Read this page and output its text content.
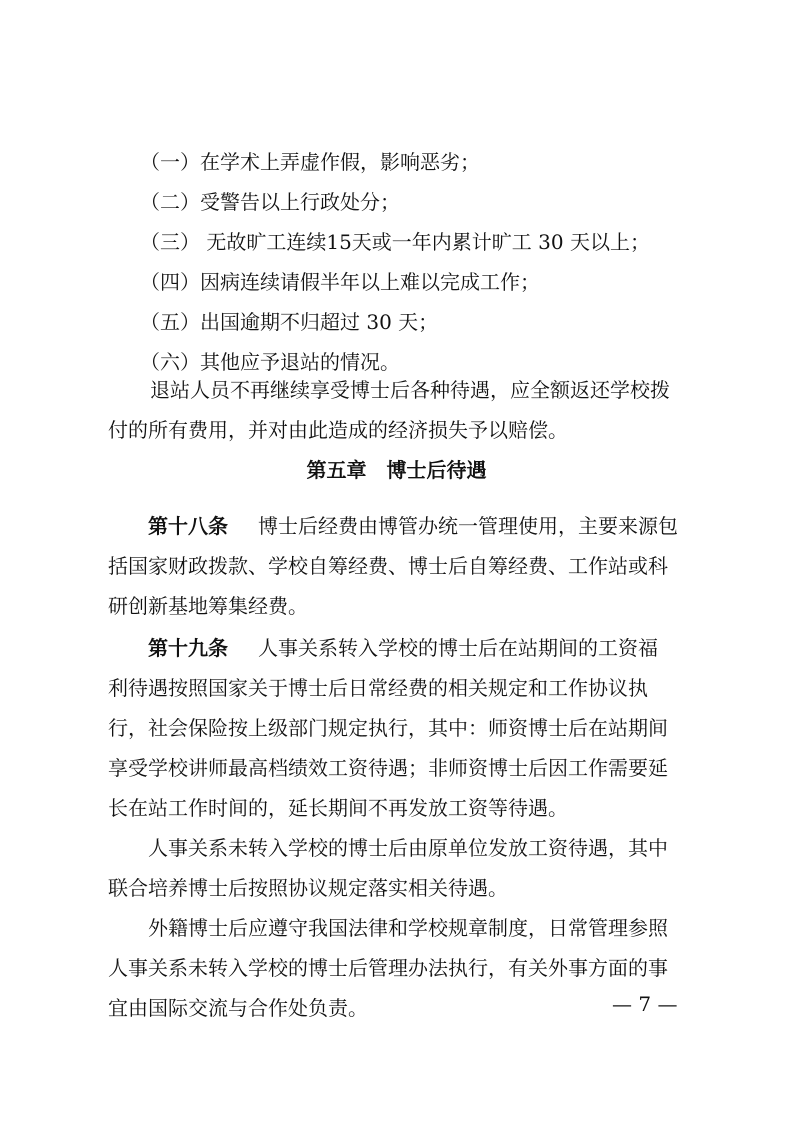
（一）在学术上弄虚作假，影响恶劣；
（二）受警告以上行政处分；
（三） 无故旷工连续15天或一年内累计旷工 30 天以上；
（四）因病连续请假半年以上难以完成工作；
（五）出国逾期不归超过 30 天；
（六）其他应予退站的情况。
退站人员不再继续享受博士后各种待遇，应全额返还学校拨
付的所有费用，并对由此造成的经济损失予以赔偿。
第五章　博士后待遇
第十八条 博士后经费由博管办统一管理使用，主要来源包
括国家财政拨款、学校自筹经费、博士后自筹经费、工作站或科
研创新基地筹集经费。
第十九条 人事关系转入学校的博士后在站期间的工资福
利待遇按照国家关于博士后日常经费的相关规定和工作协议执
行，社会保险按上级部门规定执行，其中：师资博士后在站期间
享受学校讲师最高档绩效工资待遇；非师资博士后因工作需要延
长在站工作时间的，延长期间不再发放工资等待遇。
人事关系未转入学校的博士后由原单位发放工资待遇，其中
联合培养博士后按照协议规定落实相关待遇。
外籍博士后应遵守我国法律和学校规章制度，日常管理参照
人事关系未转入学校的博士后管理办法执行，有关外事方面的事
宜由国际交流与合作处负责。	— 7 —
